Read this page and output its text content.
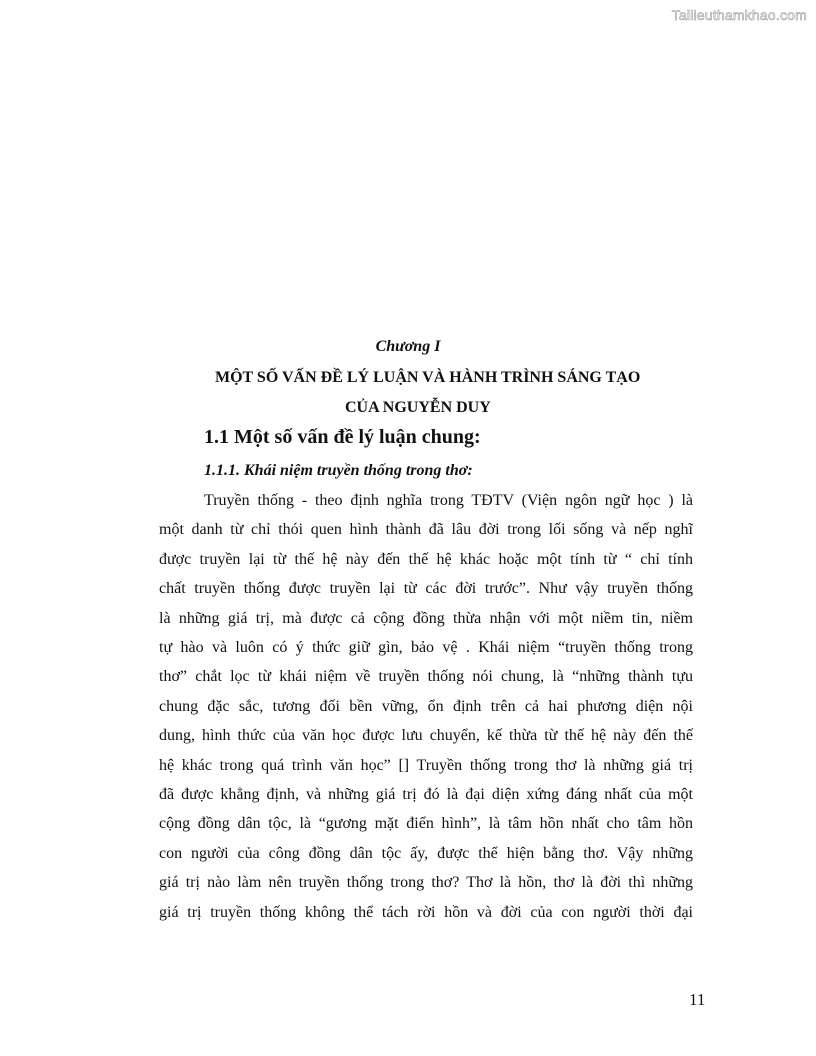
Tailieuthamkhao.com
Chương I
MỘT SỐ VẤN ĐỀ LÝ LUẬN VÀ HÀNH TRÌNH SÁNG TẠO
CỦA NGUYỄN DUY
1.1 Một số vấn đề lý luận chung:
1.1.1. Khái niệm truyền thống trong thơ:
Truyền thống - theo định nghĩa trong TĐTV (Viện ngôn ngữ học ) là
một danh từ chỉ thói quen hình thành đã lâu đời trong lối sống và nếp nghĩ
được truyền lại từ thế hệ này đến thế hệ khác hoặc một tính từ “ chỉ tính
chất truyền thống được truyền lại từ các đời trước”. Như vậy truyền thống
là những giá trị, mà được cả cộng đồng thừa nhận với một niềm tin, niềm
tự hào và luôn có ý thức giữ gìn, bảo vệ . Khái niệm “truyền thống trong
thơ” chắt lọc từ khái niệm về truyền thống nói chung, là “những thành tựu
chung đặc sắc, tương đối bền vững, ổn định trên cả hai phương diện nội
dung, hình thức của văn học được lưu chuyển, kế thừa từ thế hệ này đến thế
hệ khác trong quá trình văn học” [] Truyền thống trong thơ là những giá trị
đã được khẳng định, và những giá trị đó là đại diện xứng đáng nhất của một
cộng đồng dân tộc, là “gương mặt điển hình”, là tâm hồn nhất cho tâm hồn
con người của công đồng dân tộc ấy, được thể hiện bằng thơ. Vậy những
giá trị nào làm nên truyền thống trong thơ? Thơ là hồn, thơ là đời thì những
giá trị truyền thống không thể tách rời hồn và đời của con người thời đại
11
